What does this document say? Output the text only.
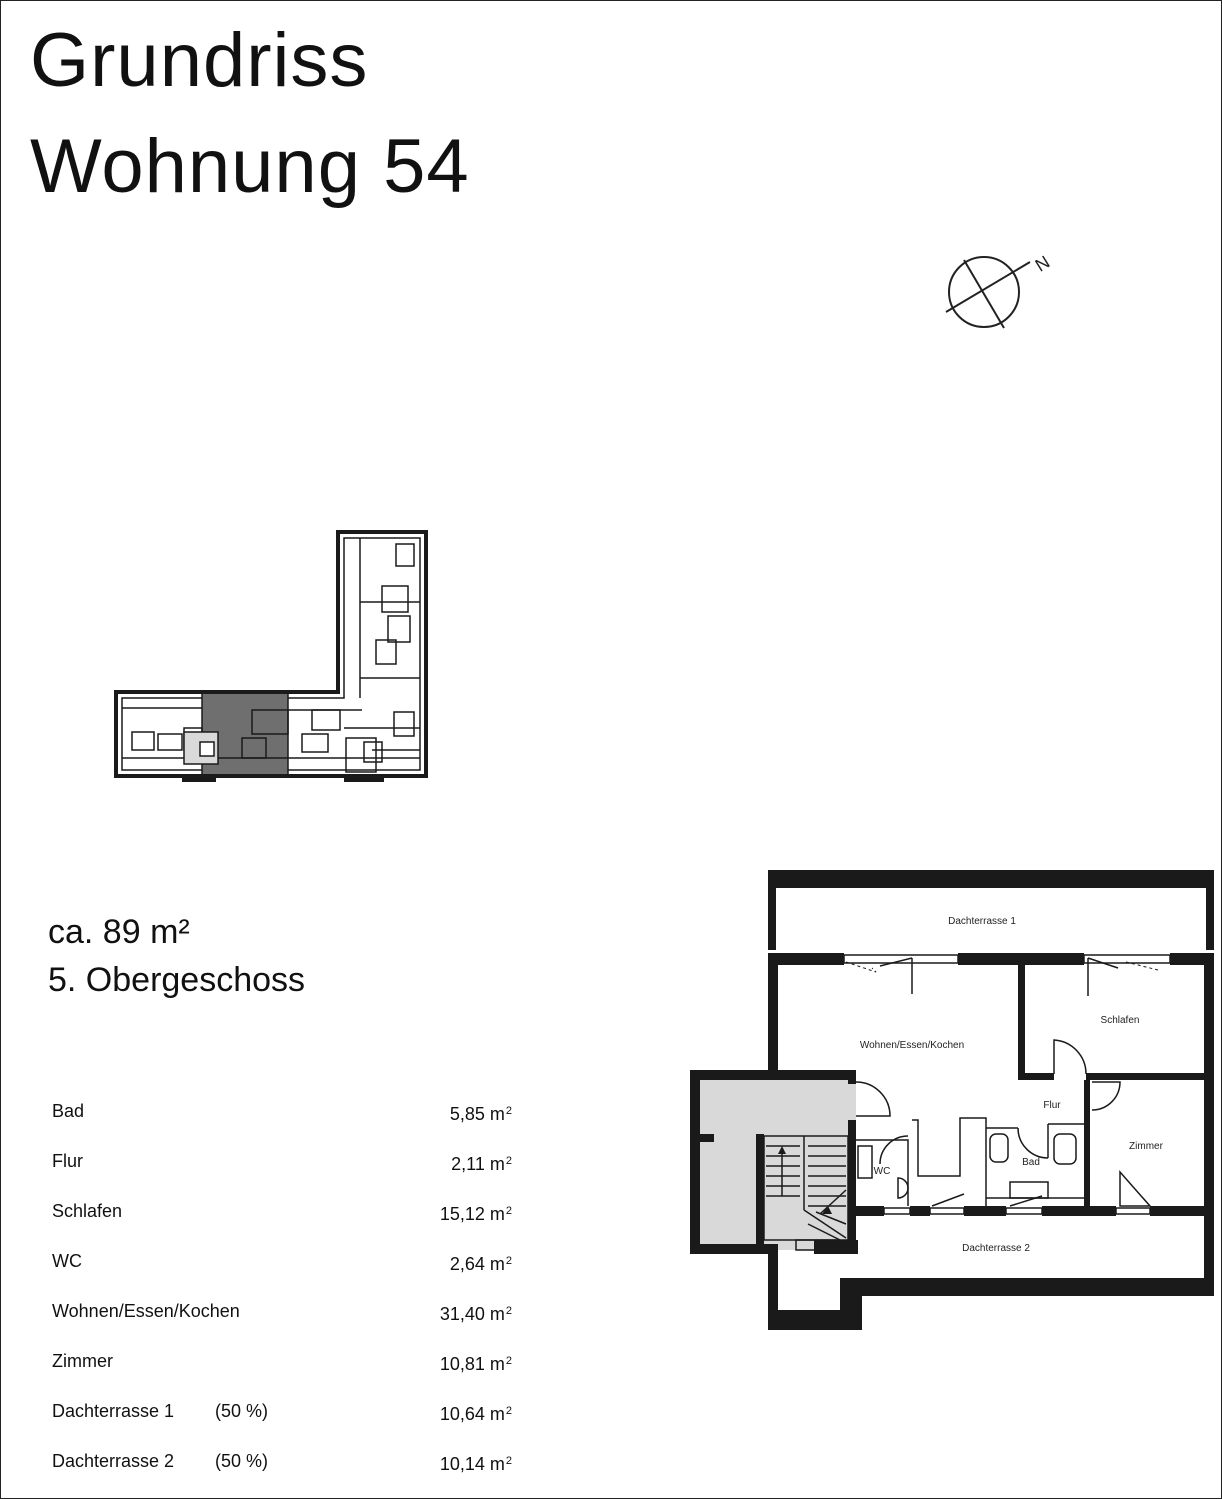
Grundriss
Wohnung 54
N
ca. 89 m²
5. Obergeschoss
Bad	5,85 $m^2$
Flur	2,11 $m^2$
Schlafen	15,12 $m^2$
WC	2,64 $m^2$
Wohnen/Essen/Kochen	31,40 $m^2$
Zimmer	10,81 $m^2$
Dachterrasse 1 (50 %)	10,64 $m^2$
Dachterrasse 2 (50 %)	10,14 $m^2$
Dachterrasse 1
Schlafen
Wohnen/Essen/Kochen
Flur
Zimmer
WC
Bad
Dachterrasse 2
